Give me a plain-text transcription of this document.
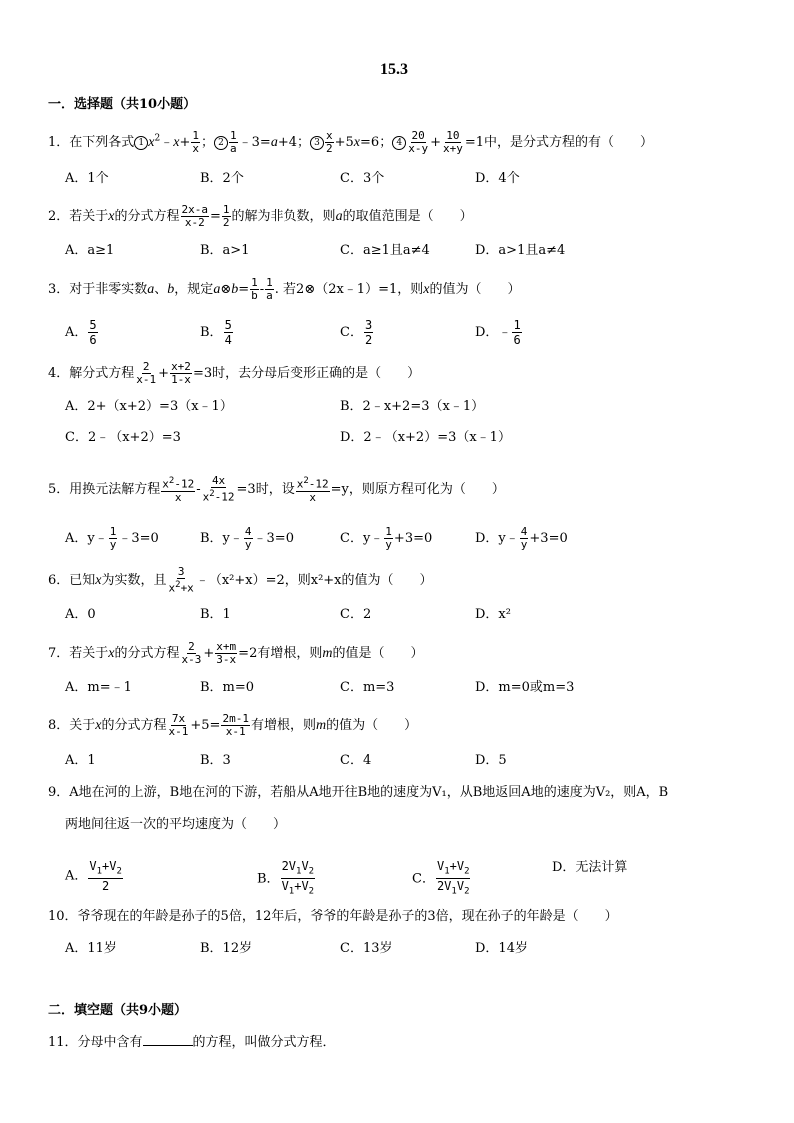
15.3
一．选择题（共10小题）
1．在下列各式 1 $x^2﹣x+ \frac{1}{x}$ ； $2 \frac{1}{a}$ ﹣3=a+4； $3 \frac{x}{2} +5x=6$； $4 \frac{20}{x-y} + \frac{10}{x+y} =1$中，是分式方程的有（　　）
A．1个	B．2个	C．3个	D．4个
2．若关于x的分式方程 $\frac{2x-a}{x-2} = \frac{1}{2}$ 的解为非负数，则a的取值范围是（　　）
A．a≥1	B．a>1	C．a≥1且a≠4	D．a>1且a≠4
3．对于非零实数a、b，规定a⊗b= $\frac{1}{b} - \frac{1}{a}$ . 若2⊗（2x﹣1）=1，则x的值为（　　）
A． $\frac{5}{6}$	B． $\frac{5}{4}$	C． $\frac{3}{2}$	D．﹣ $\frac{1}{6}$
4．解分式方程 $\frac{2}{x-1} + \frac{x+2}{1-x} =3$时，去分母后变形正确的是（　　）
A．2+（x+2）=3（x﹣1）	B．2﹣x+2=3（x﹣1）
C．2﹣（x+2）=3	D．2﹣（x+2）=3（x﹣1）
5．用换元法解方程 $\frac{x^2-12}{x} - \frac{4x}{x^2-12} =3$时，设 $\frac{x^2-12}{x} =y$，则原方程可化为（　　）
A．y﹣ $\frac{1}{y}$ ﹣3=0	B．y﹣ $\frac{4}{y}$ ﹣3=0	C．y﹣ $\frac{1}{y} +3=0$	D．y﹣ $\frac{4}{y} +3=0$
6．已知x为实数，且 $\frac{3}{x^2+x}$ ﹣（x²+x）=2，则x²+x的值为（　　）
A．0	B．1	C．2	D．x²
7．若关于x的分式方程 $\frac{2}{x-3} + \frac{x+m}{3-x} =2$有增根，则m的值是（　　）
A．m=﹣1	B．m=0	C．m=3	D．m=0或m=3
8．关于x的分式方程 $\frac{7x}{x-1} +5= \frac{2m-1}{x-1}$ 有增根，则m的值为（　　）
A．1	B．3	C．4	D．5
9．A地在河的上游，B地在河的下游，若船从A地开往B地的速度为V₁，从B地返回A地的速度为V₂，则A，B
两地间往返一次的平均速度为（　　）
A． $\frac{V_1+V_2}{2}$	B． $\frac{2V_1V_2}{V_1+V_2}$	C． $\frac{V_1+V_2}{2V_1V_2}$	D．无法计算
10．爷爷现在的年龄是孙子的5倍，12年后，爷爷的年龄是孙子的3倍，现在孙子的年龄是（　　）
A．11岁	B．12岁	C．13岁	D．14岁
二．填空题（共9小题）
11．分母中含有	的方程，叫做分式方程．
